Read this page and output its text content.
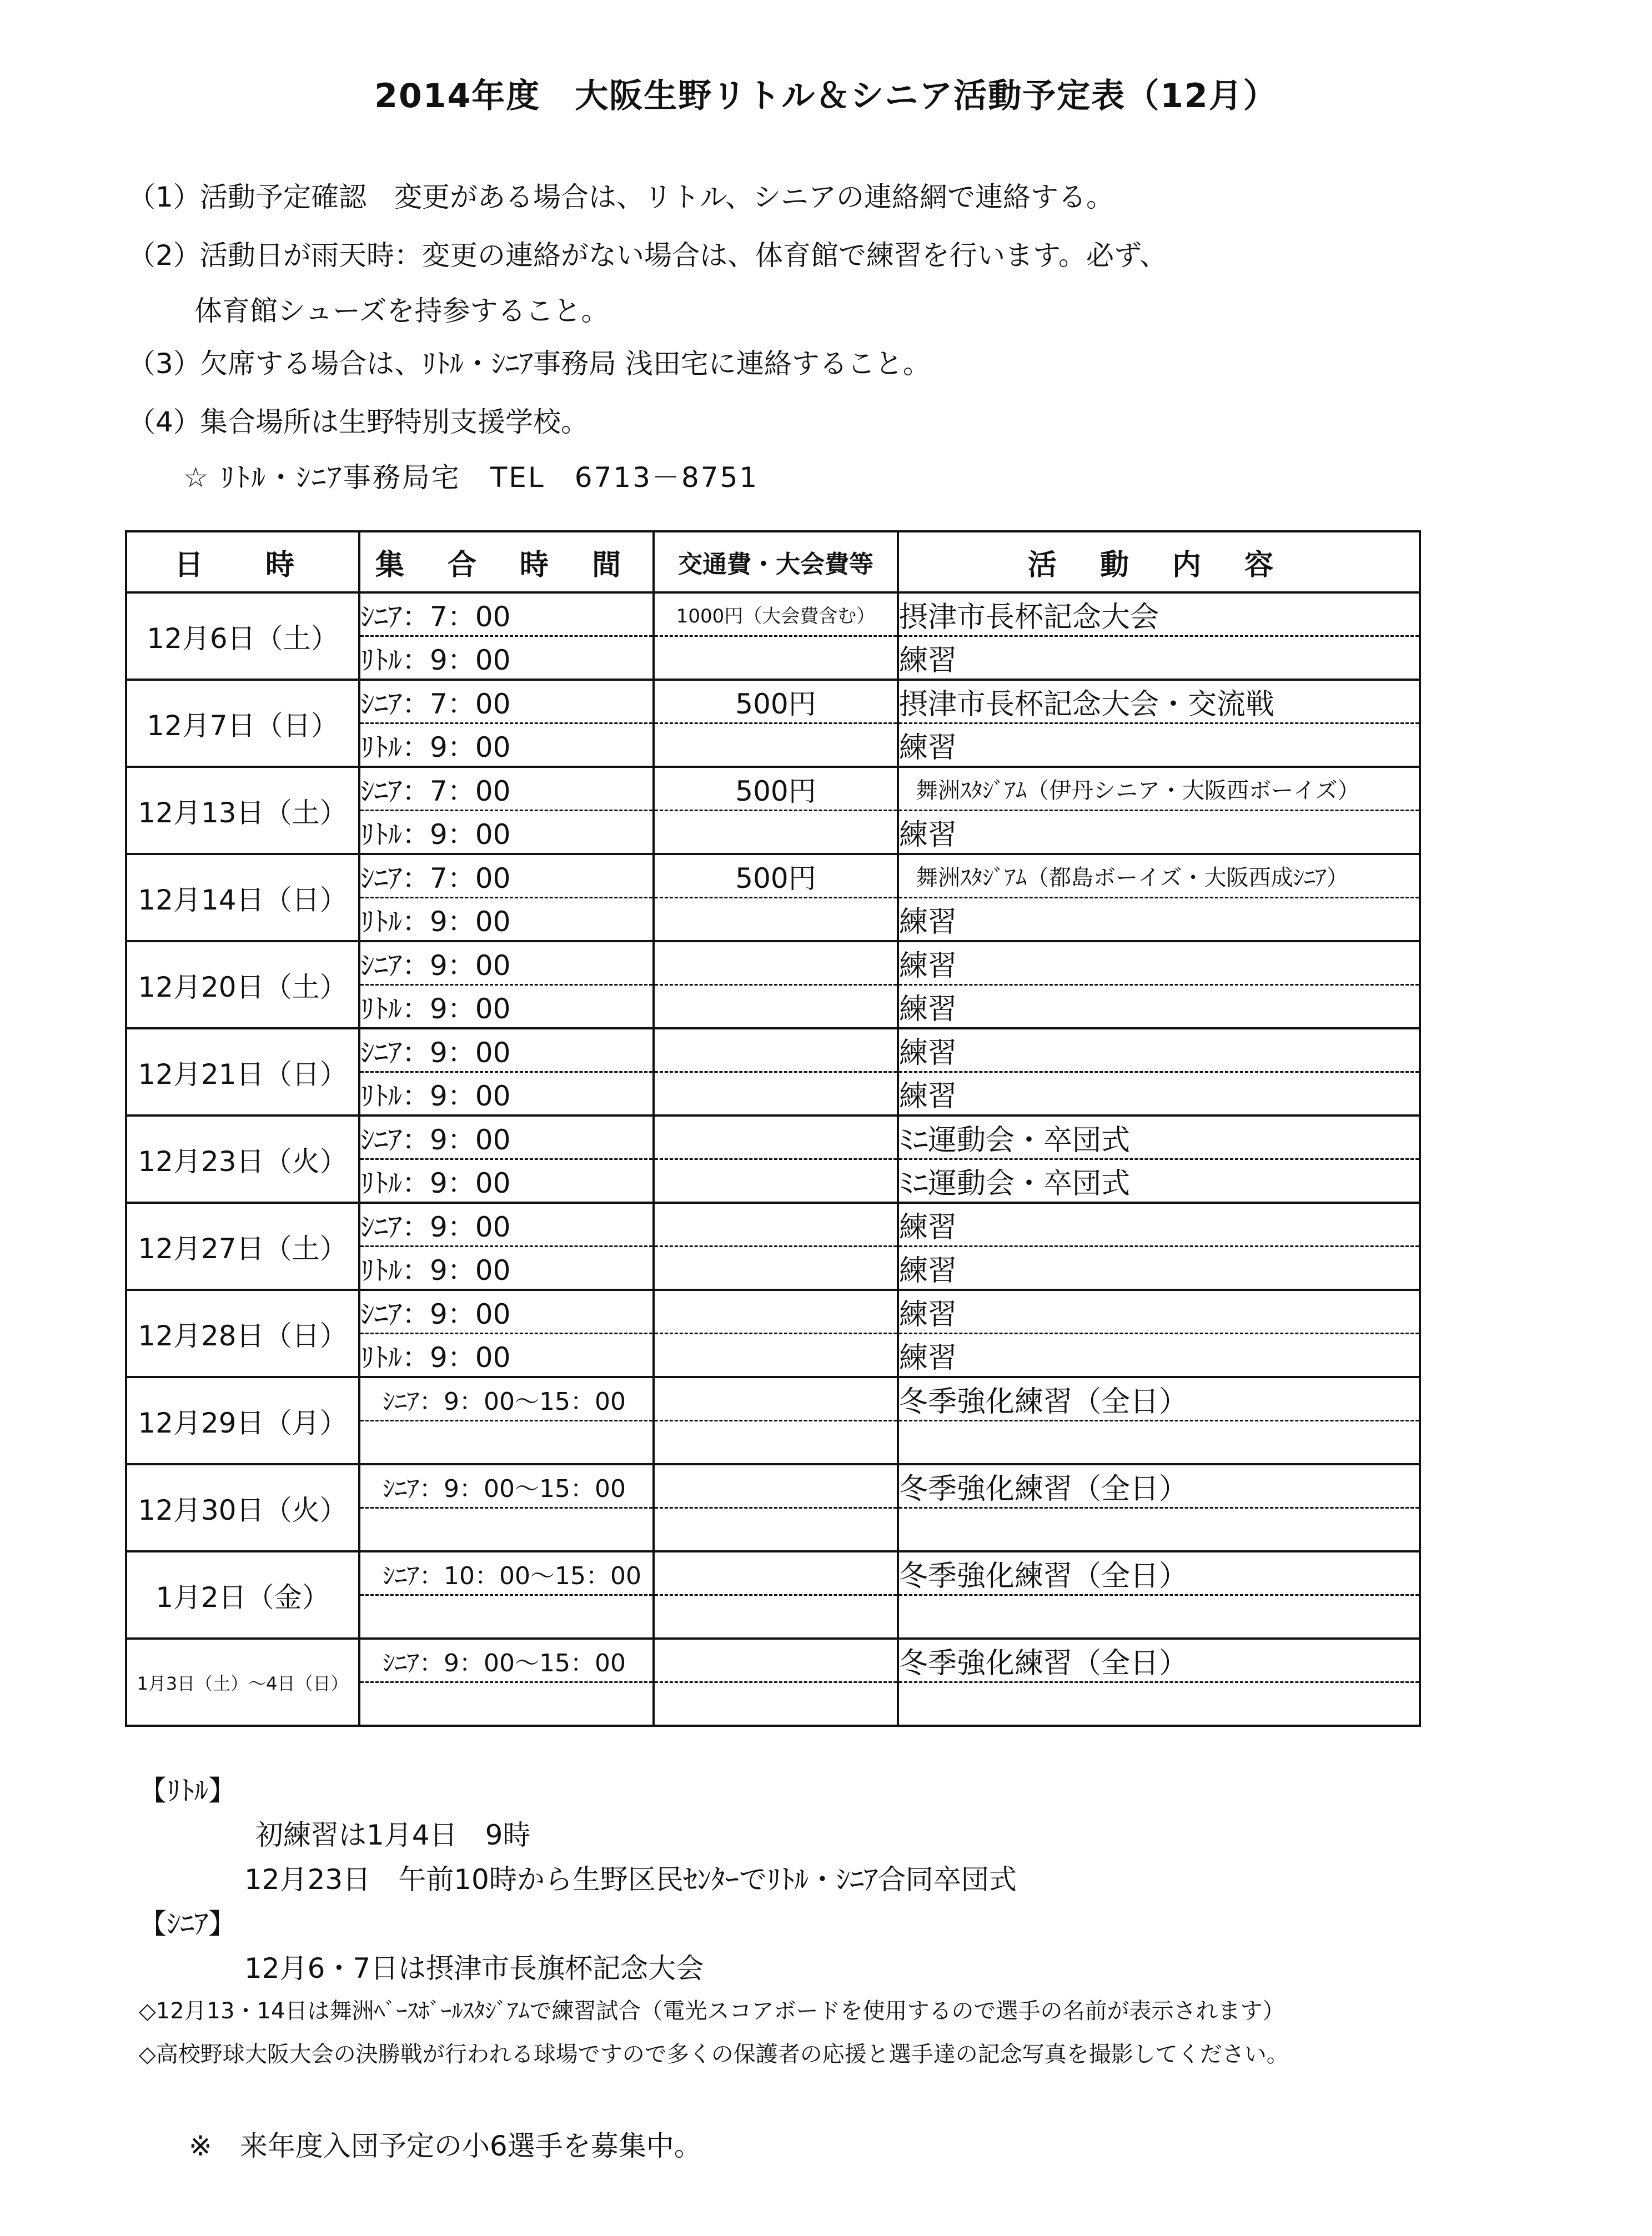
2014年度　大阪生野リトル＆シニア活動予定表（12月）
（1）活動予定確認　変更がある場合は、リトル、シニアの連絡網で連絡する。
（2）活動日が雨天時：変更の連絡がない場合は、体育館で練習を行います。必ず、
体育館シューズを持参すること。
（3）欠席する場合は、ﾘﾄﾙ・ｼﾆｱ事務局 浅田宅に連絡すること。
（4）集合場所は生野特別支援学校。
☆ ﾘﾄﾙ・ｼﾆｱ事務局宅　TEL　6713－8751
日　時	集 合 時 間	交通費・大会費等	活 動 内 容
12月6日（土）	ｼﾆｱ：7：00	1000円（大会費含む）	摂津市長杯記念大会
	ﾘﾄﾙ：9：00		練習
12月7日（日）	ｼﾆｱ：7：00	500円	摂津市長杯記念大会・交流戦
	ﾘﾄﾙ：9：00		練習
12月13日（土）	ｼﾆｱ：7：00	500円	舞洲ｽﾀｼﾞｱﾑ（伊丹シニア・大阪西ボーイズ）
	ﾘﾄﾙ：9：00		練習
12月14日（日）	ｼﾆｱ：7：00	500円	舞洲ｽﾀｼﾞｱﾑ（都島ボーイズ・大阪西成ｼﾆｱ）
	ﾘﾄﾙ：9：00		練習
12月20日（土）	ｼﾆｱ：9：00		練習
	ﾘﾄﾙ：9：00		練習
12月21日（日）	ｼﾆｱ：9：00		練習
	ﾘﾄﾙ：9：00		練習
12月23日（火）	ｼﾆｱ：9：00		ﾐﾆ運動会・卒団式
	ﾘﾄﾙ：9：00		ﾐﾆ運動会・卒団式
12月27日（土）	ｼﾆｱ：9：00		練習
	ﾘﾄﾙ：9：00		練習
12月28日（日）	ｼﾆｱ：9：00		練習
	ﾘﾄﾙ：9：00		練習
12月29日（月）	ｼﾆｱ：9：00～15：00		冬季強化練習（全日）

12月30日（火）	ｼﾆｱ：9：00～15：00		冬季強化練習（全日）

1月2日（金）	ｼﾆｱ：10：00～15：00		冬季強化練習（全日）

1月3日（土）～4日（日）	ｼﾆｱ：9：00～15：00		冬季強化練習（全日）

【ﾘﾄﾙ】
初練習は1月4日　9時
12月23日　午前10時から生野区民ｾﾝﾀｰでﾘﾄﾙ・ｼﾆｱ合同卒団式
【ｼﾆｱ】
12月6・7日は摂津市長旗杯記念大会
◇12月13・14日は舞洲ﾍﾞｰｽﾎﾞｰﾙｽﾀｼﾞｱﾑで練習試合（電光スコアボードを使用するので選手の名前が表示されます）
◇高校野球大阪大会の決勝戦が行われる球場ですので多くの保護者の応援と選手達の記念写真を撮影してください。
※　来年度入団予定の小6選手を募集中。
